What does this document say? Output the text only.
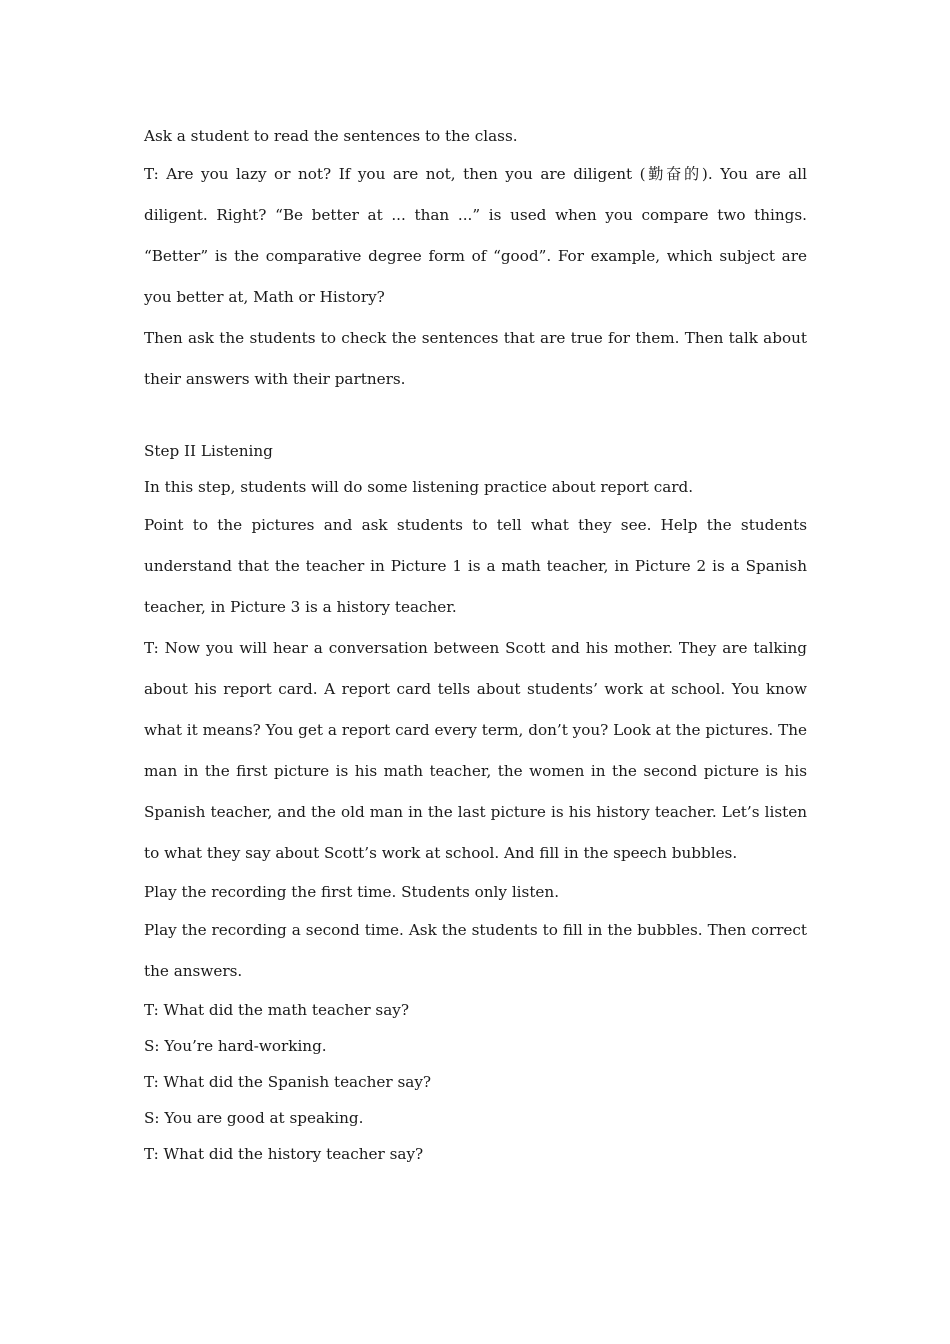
Ask a student to read the sentences to the class.

T: Are you lazy or not? If you are not, then you are diligent (勤奋的). You are all diligent. Right? “Be better at ... than ...” is used when you compare two things. “Better” is the comparative degree form of “good”. For example, which subject are you better at, Math or History?

Then ask the students to check the sentences that are true for them. Then talk about their answers with their partners.

Step II Listening

In this step, students will do some listening practice about report card.

Point to the pictures and ask students to tell what they see. Help the students understand that the teacher in Picture 1 is a math teacher, in Picture 2 is a Spanish teacher, in Picture 3 is a history teacher.

T: Now you will hear a conversation between Scott and his mother. They are talking about his report card. A report card tells about students’ work at school. You know what it means? You get a report card every term, don’t you? Look at the pictures. The man in the first picture is his math teacher, the women in the second picture is his Spanish teacher, and the old man in the last picture is his history teacher. Let’s listen to what they say about Scott’s work at school. And fill in the speech bubbles.

Play the recording the first time. Students only listen.

Play the recording a second time. Ask the students to fill in the bubbles. Then correct the answers.

T: What did the math teacher say?

S: You’re hard-working.

T: What did the Spanish teacher say?

S: You are good at speaking.

T: What did the history teacher say?
